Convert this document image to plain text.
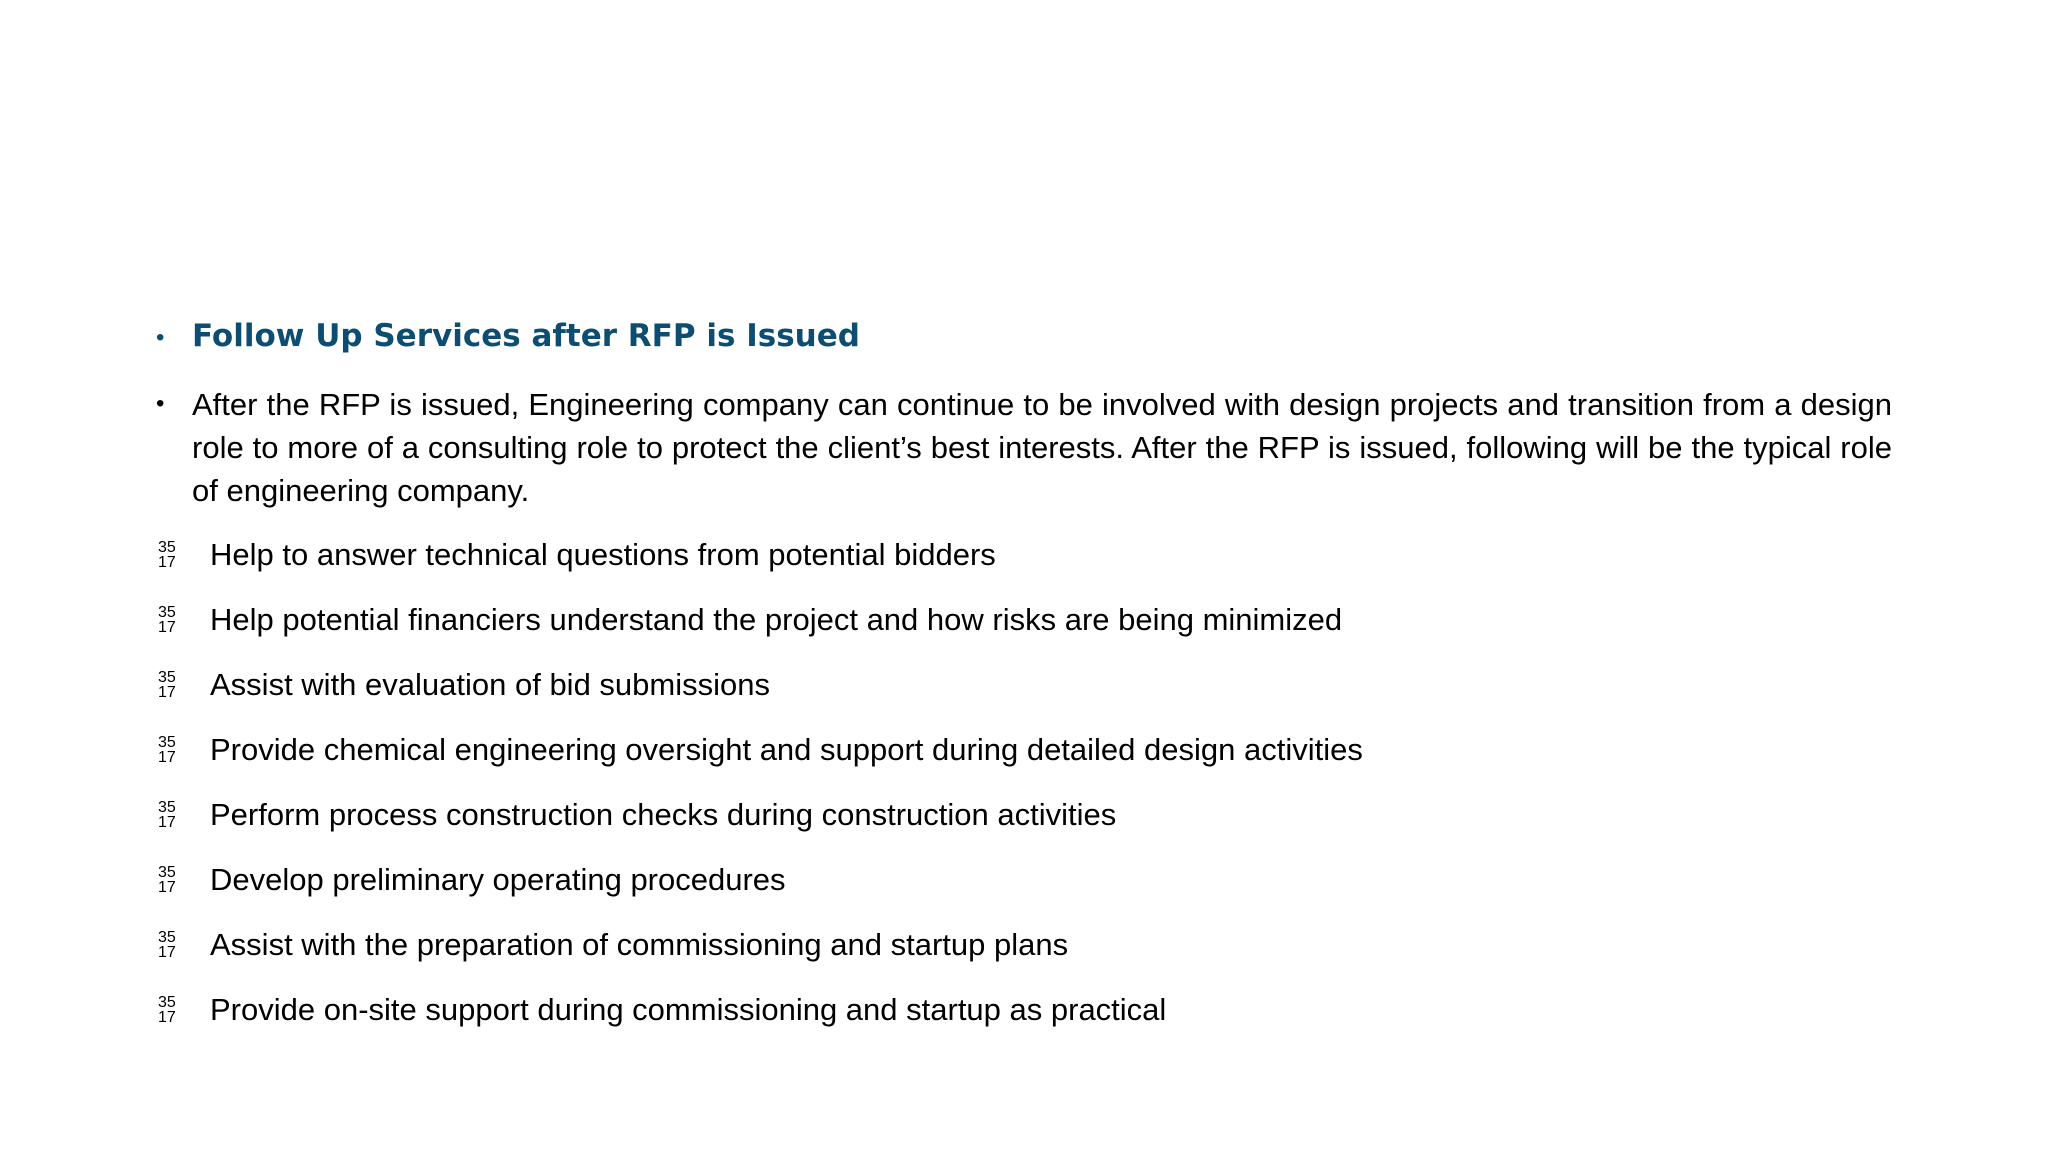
• Follow Up Services after RFP is Issued
• After the RFP is issued, Engineering company can continue to be involved with design projects and transition from a design role to more of a consulting role to protect the client’s best interests. After the RFP is issued, following will be the typical role of engineering company.
35
17	Help to answer technical questions from potential bidders
35
17	Help potential financiers understand the project and how risks are being minimized
35
17	Assist with evaluation of bid submissions
35
17	Provide chemical engineering oversight and support during detailed design activities
35
17	Perform process construction checks during construction activities
35
17	Develop preliminary operating procedures
35
17	Assist with the preparation of commissioning and startup plans
35
17	Provide on-site support during commissioning and startup as practical
